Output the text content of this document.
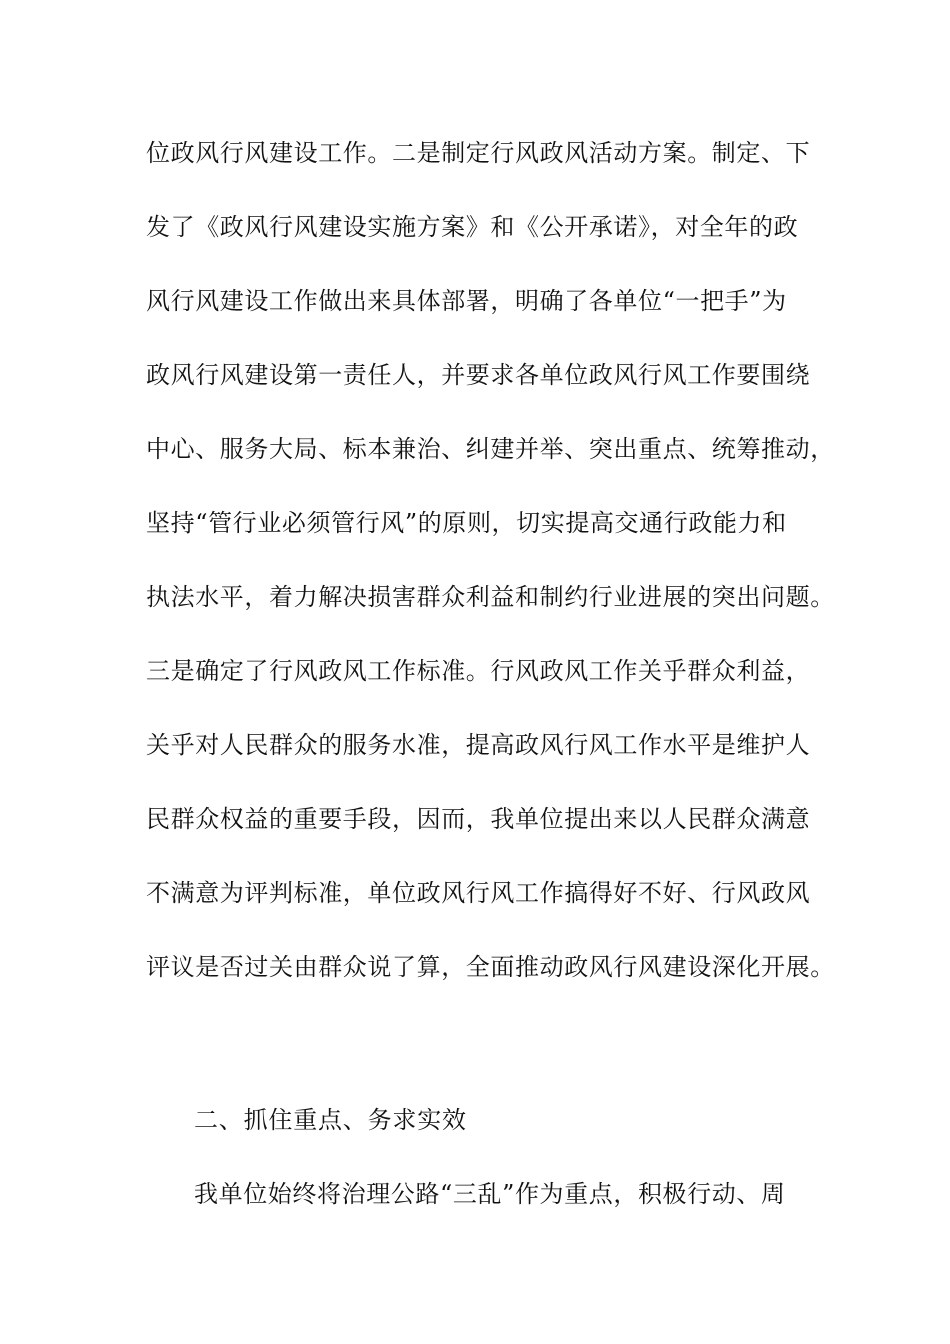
位政风行风建设工作。二是制定行风政风活动方案。制定、下
发了《政风行风建设实施方案》和《公开承诺》，对全年的政
风行风建设工作做出来具体部署，明确了各单位“一把手”为
政风行风建设第一责任人，并要求各单位政风行风工作要围绕
中心、服务大局、标本兼治、纠建并举、突出重点、统筹推动，
坚持“管行业必须管行风”的原则，切实提高交通行政能力和
执法水平，着力解决损害群众利益和制约行业进展的突出问题。
三是确定了行风政风工作标准。行风政风工作关乎群众利益，
关乎对人民群众的服务水准，提高政风行风工作水平是维护人
民群众权益的重要手段，因而，我单位提出来以人民群众满意
不满意为评判标准，单位政风行风工作搞得好不好、行风政风
评议是否过关由群众说了算，全面推动政风行风建设深化开展。
二、抓住重点、务求实效
我单位始终将治理公路“三乱”作为重点，积极行动、周
